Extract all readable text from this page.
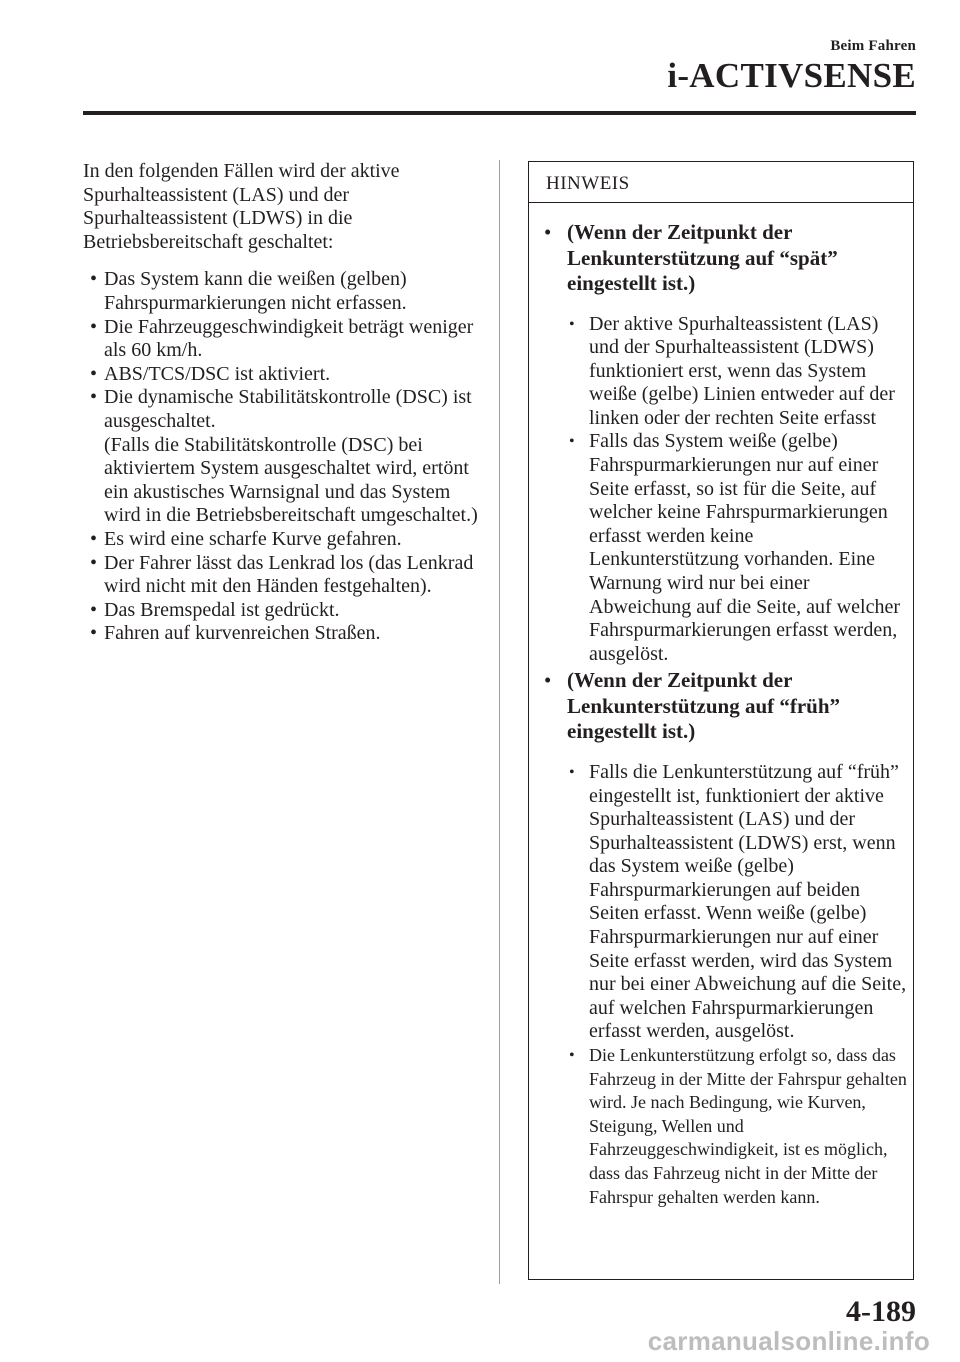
Beim Fahren
i-ACTIVSENSE

In den folgenden Fällen wird der aktive Spurhalteassistent (LAS) und der Spurhalteassistent (LDWS) in die Betriebsbereitschaft geschaltet:

• Das System kann die weißen (gelben) Fahrspurmarkierungen nicht erfassen.
• Die Fahrzeuggeschwindigkeit beträgt weniger als 60 km/h.
• ABS/TCS/DSC ist aktiviert.
• Die dynamische Stabilitätskontrolle (DSC) ist ausgeschaltet.
(Falls die Stabilitätskontrolle (DSC) bei aktiviertem System ausgeschaltet wird, ertönt ein akustisches Warnsignal und das System wird in die Betriebsbereitschaft umgeschaltet.)
• Es wird eine scharfe Kurve gefahren.
• Der Fahrer lässt das Lenkrad los (das Lenkrad wird nicht mit den Händen festgehalten).
• Das Bremspedal ist gedrückt.
• Fahren auf kurvenreichen Straßen.
HINWEIS
• (Wenn der Zeitpunkt der Lenkunterstützung auf “spät” eingestellt ist.)
• Der aktive Spurhalteassistent (LAS) und der Spurhalteassistent (LDWS) funktioniert erst, wenn das System weiße (gelbe) Linien entweder auf der linken oder der rechten Seite erfasst
• Falls das System weiße (gelbe) Fahrspurmarkierungen nur auf einer Seite erfasst, so ist für die Seite, auf welcher keine Fahrspurmarkierungen erfasst werden keine Lenkunterstützung vorhanden. Eine Warnung wird nur bei einer Abweichung auf die Seite, auf welcher Fahrspurmarkierungen erfasst werden, ausgelöst.
• (Wenn der Zeitpunkt der Lenkunterstützung auf “früh” eingestellt ist.)
• Falls die Lenkunterstützung auf “früh” eingestellt ist, funktioniert der aktive Spurhalteassistent (LAS) und der Spurhalteassistent (LDWS) erst, wenn das System weiße (gelbe) Fahrspurmarkierungen auf beiden Seiten erfasst. Wenn weiße (gelbe) Fahrspurmarkierungen nur auf einer Seite erfasst werden, wird das System nur bei einer Abweichung auf die Seite, auf welchen Fahrspurmarkierungen erfasst werden, ausgelöst.
• Die Lenkunterstützung erfolgt so, dass das Fahrzeug in der Mitte der Fahrspur gehalten wird. Je nach Bedingung, wie Kurven, Steigung, Wellen und Fahrzeuggeschwindigkeit, ist es möglich, dass das Fahrzeug nicht in der Mitte der Fahrspur gehalten werden kann.
4-189
carmanualsonline.info
